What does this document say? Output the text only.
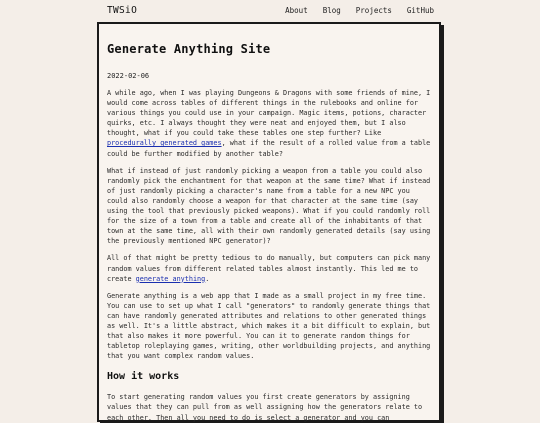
TWSiO	About Blog Projects GitHub
Generate Anything Site
2022-02-06

A while ago, when I was playing Dungeons & Dragons with some friends of mine, I would come across tables of different things in the rulebooks and online for various things you could use in your campaign. Magic items, potions, character quirks, etc. I always thought they were neat and enjoyed them, but I also thought, what if you could take these tables one step further? Like procedurally generated games, what if the result of a rolled value from a table could be further modified by another table?

What if instead of just randomly picking a weapon from a table you could also randomly pick the enchantment for that weapon at the same time? What if instead of just randomly picking a character's name from a table for a new NPC you could also randomly choose a weapon for that character at the same time (say using the tool that previously picked weapons). What if you could randomly roll for the size of a town from a table and create all of the inhabitants of that town at the same time, all with their own randomly generated details (say using the previously mentioned NPC generator)?

All of that might be pretty tedious to do manually, but computers can pick many random values from different related tables almost instantly. This led me to create generate anything.

Generate anything is a web app that I made as a small project in my free time. You can use to set up what I call "generators" to randomly generate things that can have randomly generated attributes and relations to other generated things as well. It's a little abstract, which makes it a bit difficult to explain, but that also makes it more powerful. You can it to generate random things for tabletop roleplaying games, writing, other worldbuilding projects, and anything that you want complex random values.

How it works

To start generating random values you first create generators by assigning values that they can pull from as well assigning how the generators relate to each other. Then all you need to do is select a generator and you can
